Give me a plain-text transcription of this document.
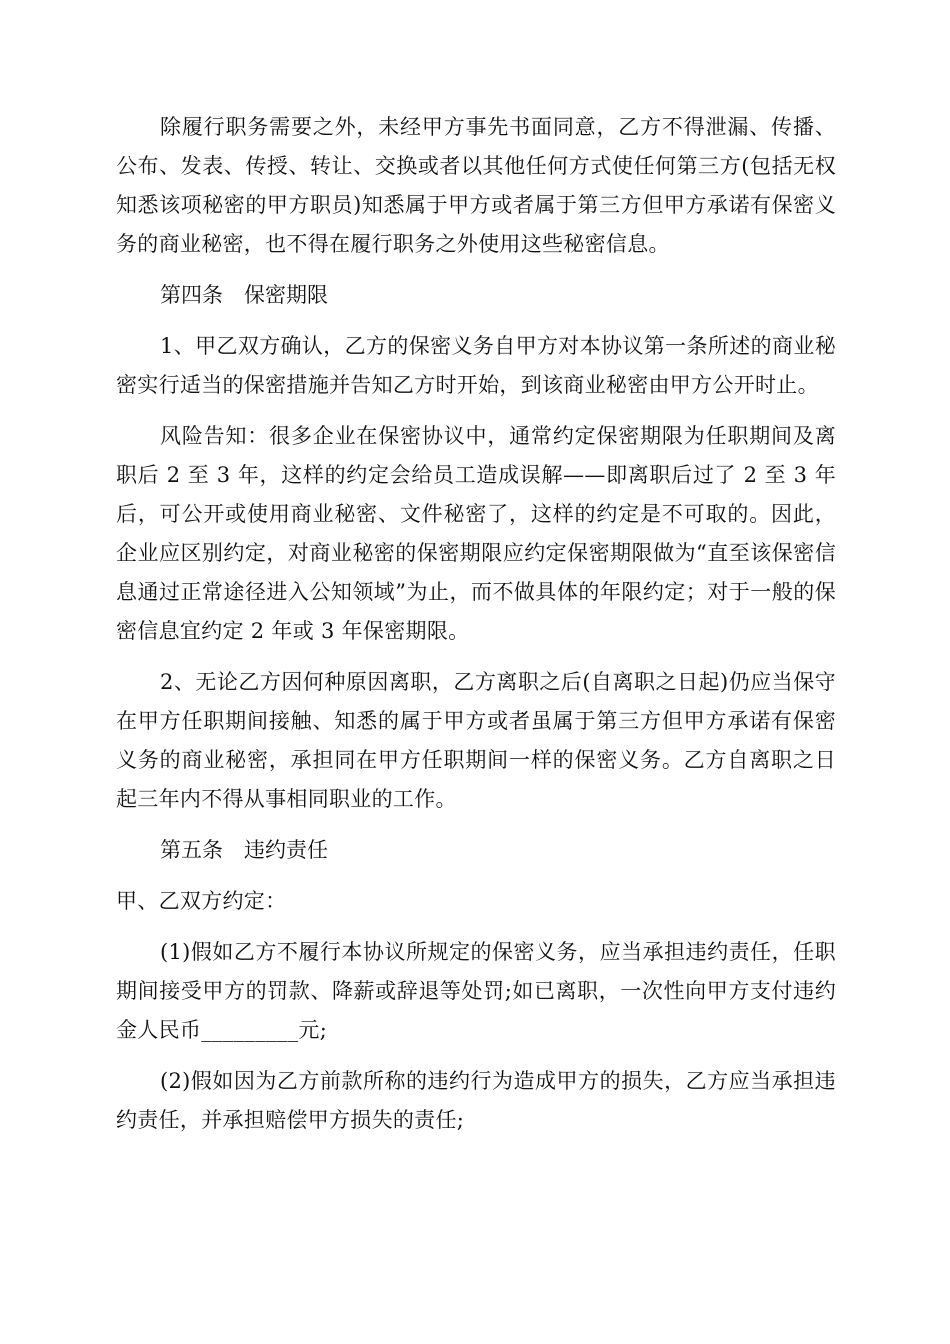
除履行职务需要之外，未经甲方事先书面同意，乙方不得泄漏、传播、公布、发表、传授、转让、交换或者以其他任何方式使任何第三方(包括无权知悉该项秘密的甲方职员)知悉属于甲方或者属于第三方但甲方承诺有保密义务的商业秘密，也不得在履行职务之外使用这些秘密信息。

第四条　保密期限

1、甲乙双方确认，乙方的保密义务自甲方对本协议第一条所述的商业秘密实行适当的保密措施并告知乙方时开始，到该商业秘密由甲方公开时止。

风险告知：很多企业在保密协议中，通常约定保密期限为任职期间及离职后 2 至 3 年，这样的约定会给员工造成误解——即离职后过了 2 至 3 年后，可公开或使用商业秘密、文件秘密了，这样的约定是不可取的。因此，企业应区别约定，对商业秘密的保密期限应约定保密期限做为“直至该保密信息通过正常途径进入公知领域”为止，而不做具体的年限约定；对于一般的保密信息宜约定 2 年或 3 年保密期限。

2、无论乙方因何种原因离职，乙方离职之后(自离职之日起)仍应当保守在甲方任职期间接触、知悉的属于甲方或者虽属于第三方但甲方承诺有保密义务的商业秘密，承担同在甲方任职期间一样的保密义务。乙方自离职之日起三年内不得从事相同职业的工作。

第五条　违约责任

甲、乙双方约定：

(1)假如乙方不履行本协议所规定的保密义务，应当承担违约责任，任职期间接受甲方的罚款、降薪或辞退等处罚;如已离职，一次性向甲方支付违约金人民币_________元;

(2)假如因为乙方前款所称的违约行为造成甲方的损失，乙方应当承担违约责任，并承担赔偿甲方损失的责任;
